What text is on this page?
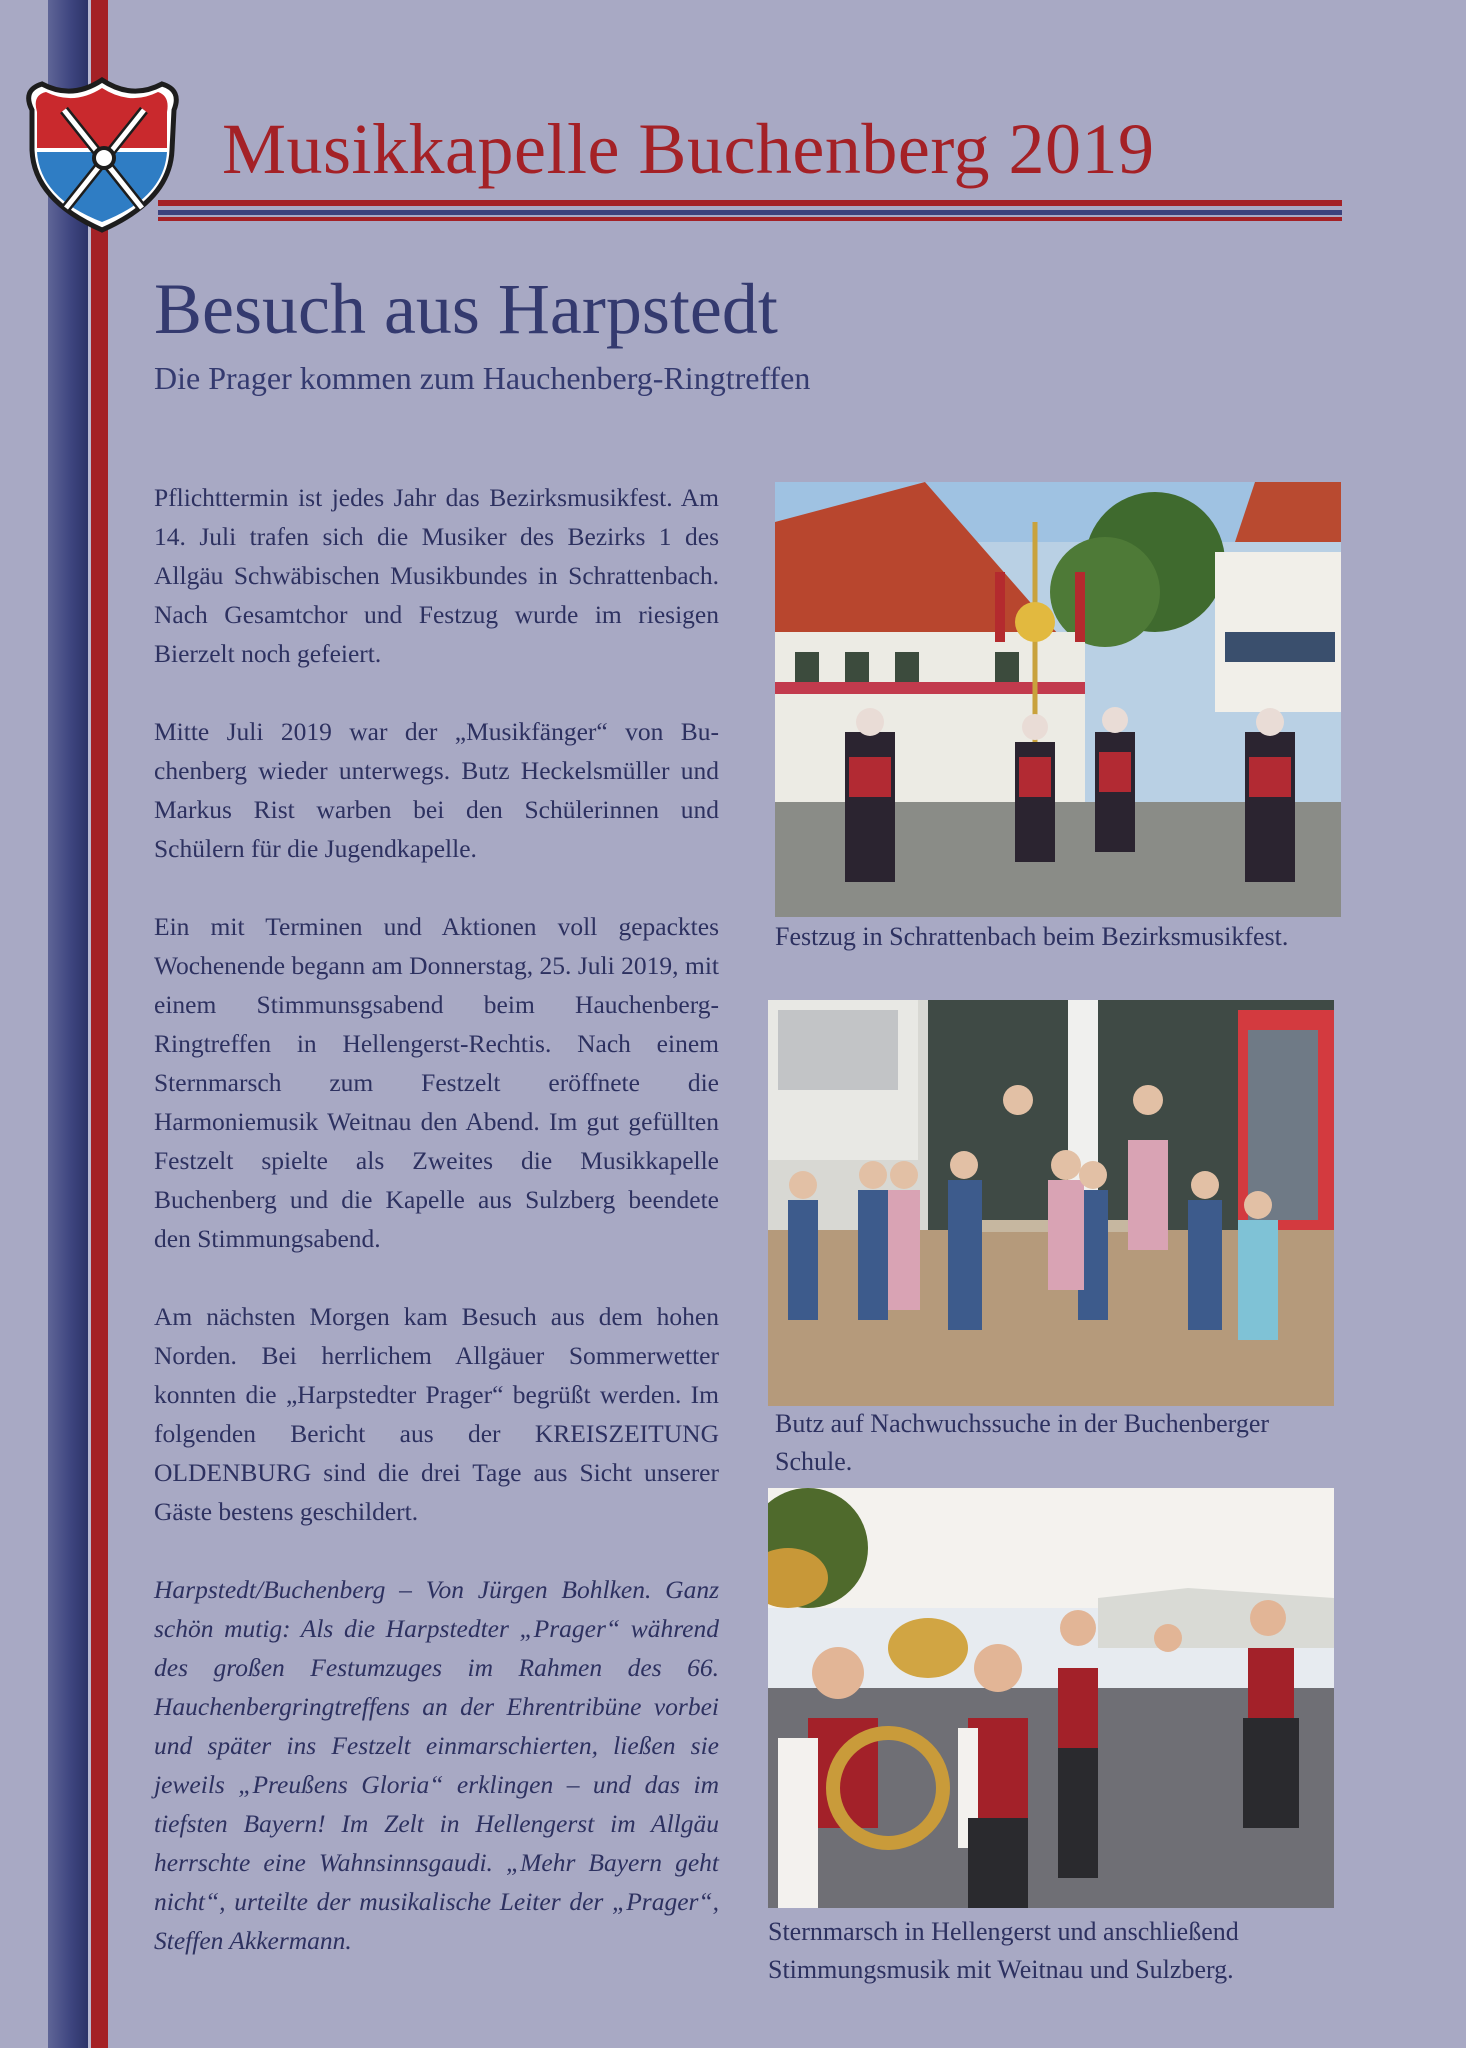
Musikkapelle Buchenberg 2019
Besuch aus Harpstedt
Die Prager kommen zum Hauchenberg-Ringtreffen

Pflichttermin ist jedes Jahr das Bezirksmusikfest. Am 14. Juli trafen sich die Musiker des Bezirks 1 des Allgäu Schwäbischen Musikbundes in Schrattenbach. Nach Gesamtchor und Festzug wurde im riesigen Bierzelt noch gefeiert.

Mitte Juli 2019 war der „Musikfänger“ von Buchenberg wieder unterwegs. Butz Heckelsmüller und Markus Rist warben bei den Schülerinnen und Schülern für die Jugendkapelle.

Ein mit Terminen und Aktionen voll gepacktes Wochenende begann am Donnerstag, 25. Juli 2019, mit einem Stimmunsgsabend beim Hauchenberg-Ringtreffen in Hellengerst-Rechtis. Nach einem Sternmarsch zum Festzelt eröffnete die Harmoniemusik Weitnau den Abend. Im gut gefüllten Festzelt spielte als Zweites die Musikkapelle Buchenberg und die Kapelle aus Sulzberg beendete den Stimmungsabend.

Am nächsten Morgen kam Besuch aus dem hohen Norden. Bei herrlichem Allgäuer Sommerwetter konnten die „Harpstedter Prager“ begrüßt werden. Im folgenden Bericht aus der KREISZEITUNG OLDENBURG sind die drei Tage aus Sicht unserer Gäste bestens geschildert.

Harpstedt/Buchenberg – Von Jürgen Bohlken. Ganz schön mutig: Als die Harpstedter „Prager“ während des großen Festumzuges im Rahmen des 66. Hauchenbergringtreffens an der Ehrentribüne vorbei und später ins Festzelt einmarschierten, ließen sie jeweils „Preußens Gloria“ erklingen – und das im tiefsten Bayern! Im Zelt in Hellengerst im Allgäu herrschte eine Wahnsinnsgaudi. „Mehr Bayern geht nicht“, urteilte der musikalische Leiter der „Prager“, Steffen Akkermann.

Festzug in Schrattenbach beim Bezirksmusikfest.
Butz auf Nachwuchssuche in der Buchenberger Schule.
Sternmarsch in Hellengerst und anschließend Stimmungsmusik mit Weitnau und Sulzberg.
